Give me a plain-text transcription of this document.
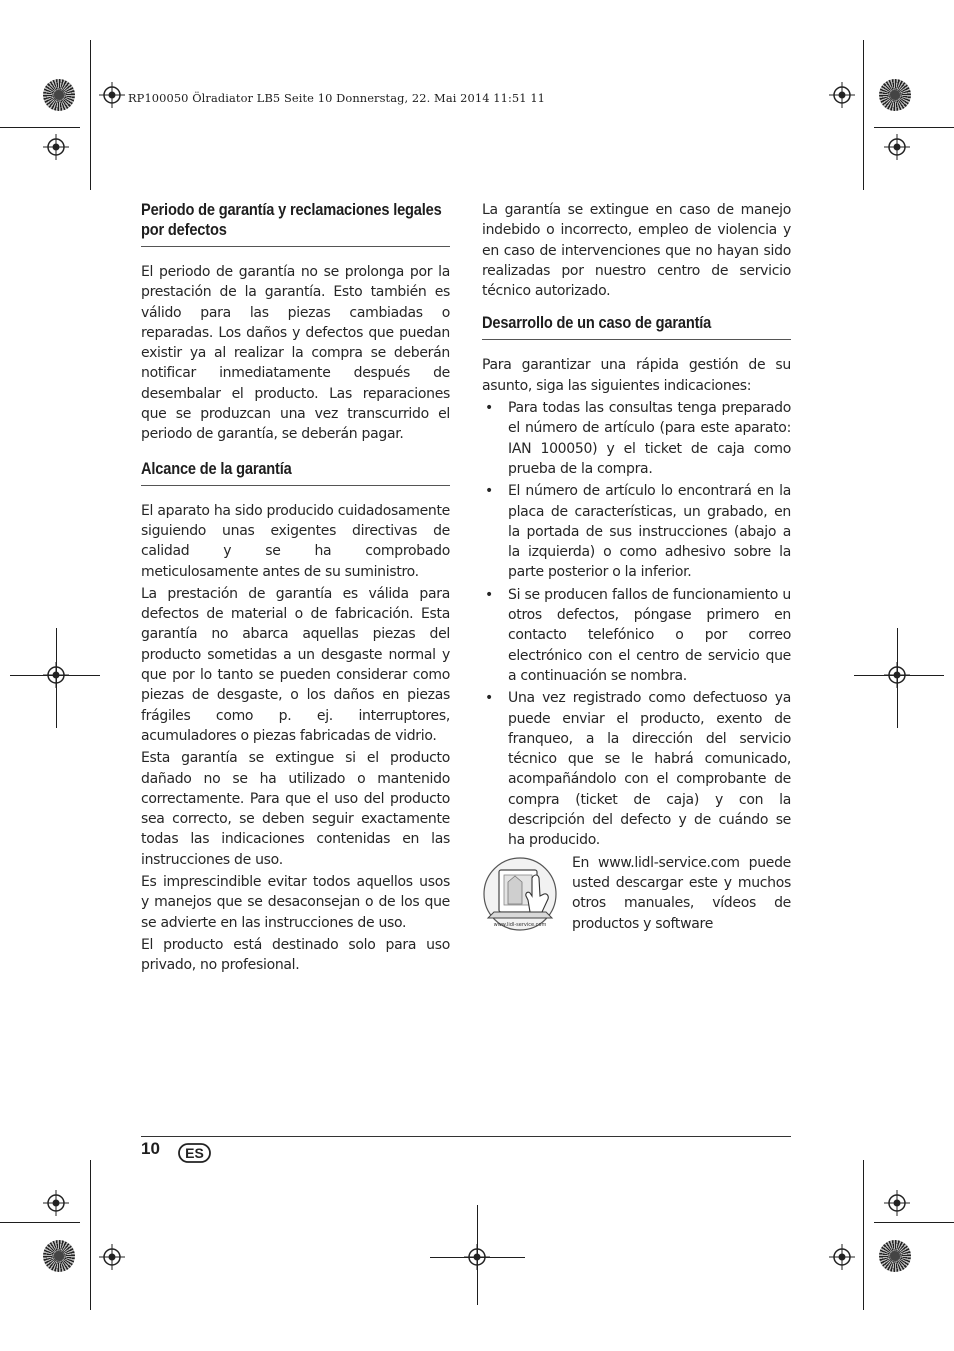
RP100050 Ölradiator LB5 Seite 10 Donnerstag, 22. Mai 2014 11:51 11
Periodo de garantía y reclamaciones legales por defectos

El periodo de garantía no se prolonga por la prestación de la garantía. Esto también es válido para las piezas cambiadas o reparadas. Los daños y defectos que puedan existir ya al realizar la compra se deberán notificar inmediatamente después de desembalar el producto. Las reparaciones que se produzcan una vez transcurrido el periodo de garantía, se deberán pagar.

Alcance de la garantía

El aparato ha sido producido cuidadosamente siguiendo unas exigentes directivas de calidad y se ha comprobado meticulosamente antes de su suministro.

La prestación de garantía es válida para defectos de material o de fabricación. Esta garantía no abarca aquellas piezas del producto sometidas a un desgaste normal y que por lo tanto se pueden considerar como piezas de desgaste, o los daños en piezas frágiles como p. ej. interruptores, acumuladores o piezas fabricadas de vidrio.

Esta garantía se extingue si el producto dañado no se ha utilizado o mantenido correctamente. Para que el uso del producto sea correcto, se deben seguir exactamente todas las indicaciones contenidas en las instrucciones de uso.

Es imprescindible evitar todos aquellos usos y manejos que se desaconsejan o de los que se advierte en las instrucciones de uso.

El producto está destinado solo para uso privado, no profesional.

La garantía se extingue en caso de manejo indebido o incorrecto, empleo de violencia y en caso de intervenciones que no hayan sido realizadas por nuestro centro de servicio técnico autorizado.

Desarrollo de un caso de garantía

Para garantizar una rápida gestión de su asunto, siga las siguientes indicaciones:

• Para todas las consultas tenga preparado el número de artículo (para este aparato: IAN 100050) y el ticket de caja como prueba de la compra.
• El número de artículo lo encontrará en la placa de características, un grabado, en la portada de sus instrucciones (abajo a la izquierda) o como adhesivo sobre la parte posterior o la inferior.
• Si se producen fallos de funcionamiento u otros defectos, póngase primero en contacto telefónico o por correo electrónico con el centro de servicio que a continuación se nombra.
• Una vez registrado como defectuoso ya puede enviar el producto, exento de franqueo, a la dirección del servicio técnico que se le habrá comunicado, acompañándolo con el comprobante de compra (ticket de caja) y con la descripción del defecto y de cuándo se ha producido.
www.lidl-service.com

En www.lidl-service.com puede usted descargar este y muchos otros manuales, vídeos de productos y software

10 ES
